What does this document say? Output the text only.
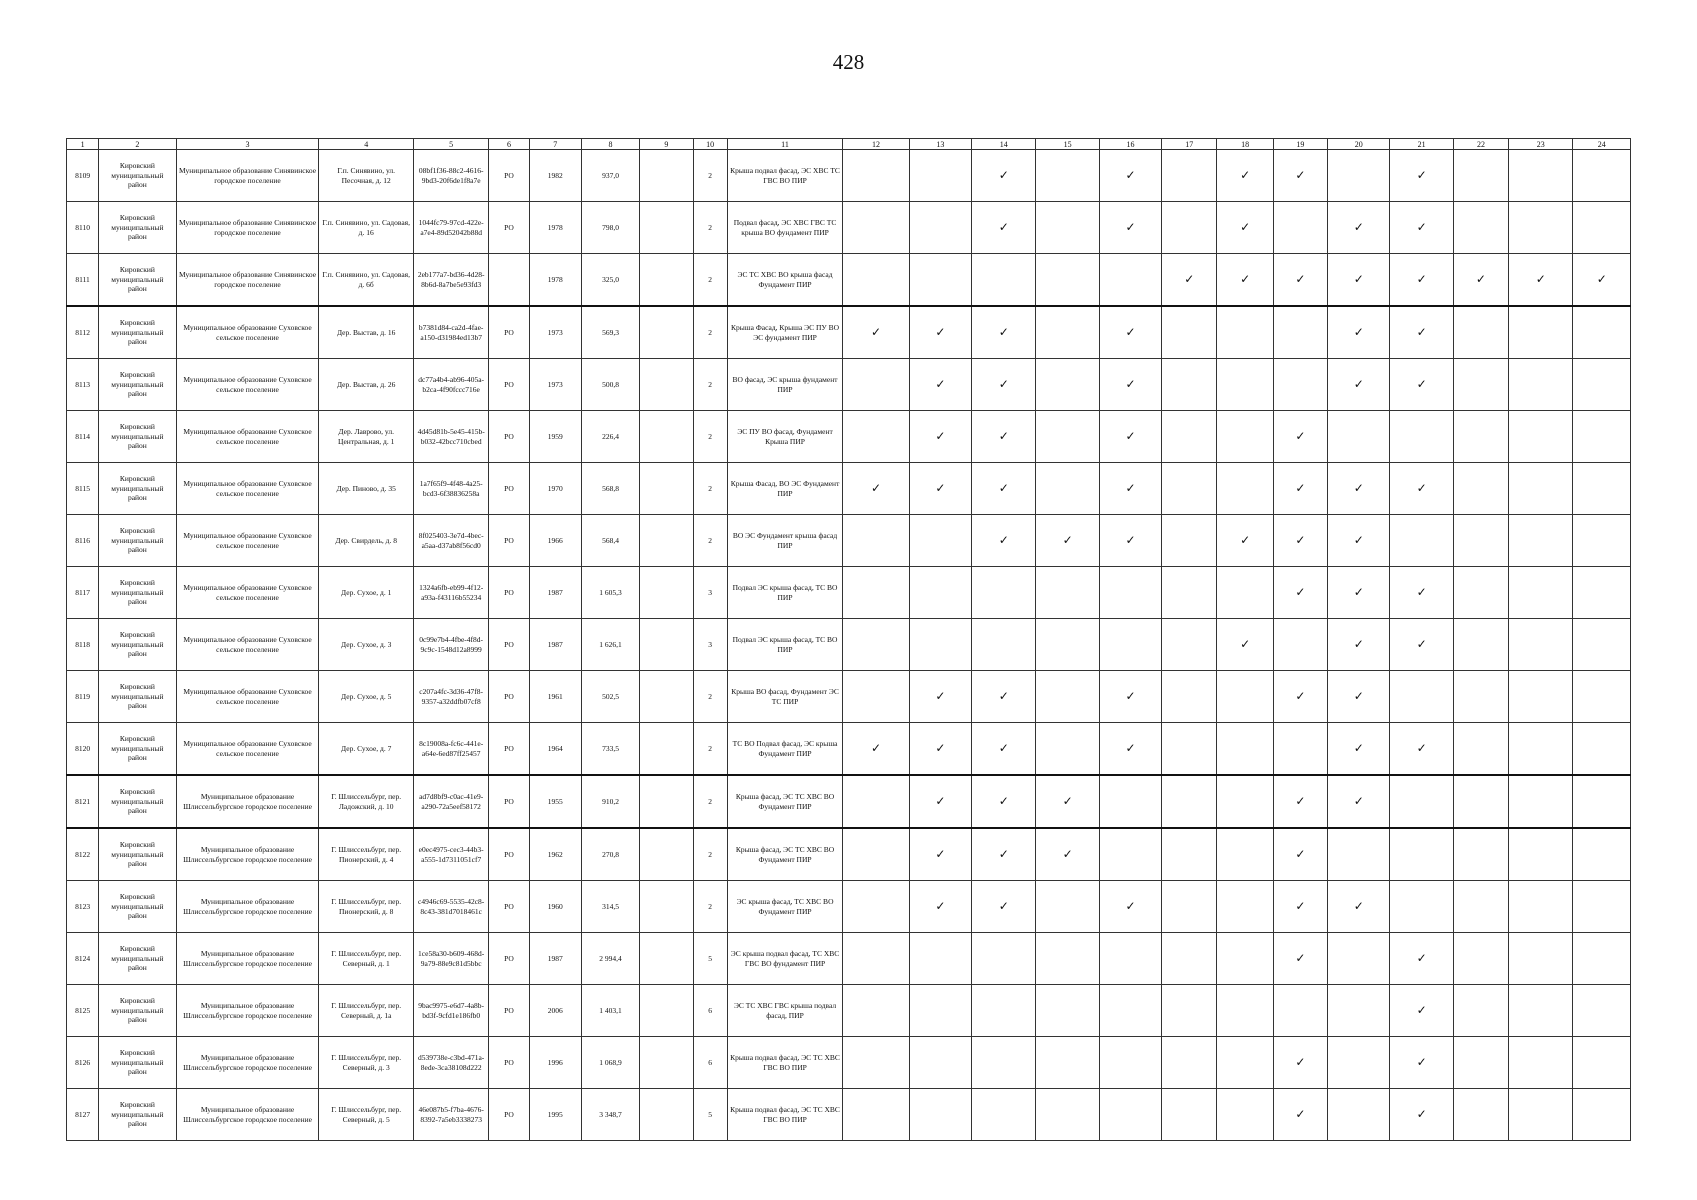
428
1	2	3	4	5	6	7	8	9	10	11	12	13	14	15	16	17	18	19	20	21	22	23	24
8109	Кировский муниципальный район	Муниципальное образование Синявинское городское поселение	Г.п. Синявино, ул. Песочная, д. 12	08bf1f36-88c2-4616-9bd3-20f6de1f8a7e	РО	1982	937,0		2	Крыша подвал фасад, ЭС ХВС ТС ГВС ВО ПИР			✓		✓		✓	✓		✓			
8110	Кировский муниципальный район	Муниципальное образование Синявинское городское поселение	Г.п. Синявино, ул. Садовая, д. 16	1044fc79-97cd-422e-a7e4-89d52042b88d	РО	1978	798,0		2	Подвал фасад, ЭС ХВС ГВС ТС крыша ВО фундамент ПИР			✓		✓		✓		✓	✓			
8111	Кировский муниципальный район	Муниципальное образование Синявинское городское поселение	Г.п. Синявино, ул. Садовая, д. 6б	2eb177a7-bd36-4d28-8b6d-8a7be5e93fd3		1978	325,0		2	ЭС ТС ХВС ВО крыша фасад Фундамент ПИР						✓	✓	✓	✓	✓	✓	✓	✓
8112	Кировский муниципальный район	Муниципальное образование Суховское сельское поселение	Дер. Выстав, д. 16	b7381d84-ca2d-4fae-a150-d31984ed13b7	РО	1973	569,3		2	Крыша Фасад, Крыша ЭС ПУ ВО ЭС фундамент ПИР	✓	✓	✓		✓				✓	✓			
8113	Кировский муниципальный район	Муниципальное образование Суховское сельское поселение	Дер. Выстав, д. 26	dc77a4b4-ab96-405a-b2ca-4f90fccc716e	РО	1973	500,8		2	ВО фасад, ЭС крыша фундамент ПИР		✓	✓		✓				✓	✓			
8114	Кировский муниципальный район	Муниципальное образование Суховское сельское поселение	Дер. Лаврово, ул. Центральная, д. 1	4d45d81b-5e45-415b-b032-42bcc710cbed	РО	1959	226,4		2	ЭС ПУ ВО фасад, Фундамент Крыша ПИР		✓	✓		✓			✓					
8115	Кировский муниципальный район	Муниципальное образование Суховское сельское поселение	Дер. Пиново, д. 35	1a7f65f9-4f48-4a25-bcd3-6f38836258a	РО	1970	568,8		2	Крыша Фасад, ВО ЭС Фундамент ПИР	✓	✓	✓		✓			✓	✓	✓			
8116	Кировский муниципальный район	Муниципальное образование Суховское сельское поселение	Дер. Свирдель, д. 8	8f025403-3e7d-4bec-a5aa-d37ab8f56cd0	РО	1966	568,4		2	ВО ЭС Фундамент крыша фасад ПИР			✓	✓	✓		✓	✓	✓				
8117	Кировский муниципальный район	Муниципальное образование Суховское сельское поселение	Дер. Сухое, д. 1	1324a6fb-eb99-4f12-a93a-f43116b55234	РО	1987	1 605,3		3	Подвал ЭС крыша фасад, ТС ВО ПИР								✓	✓	✓			
8118	Кировский муниципальный район	Муниципальное образование Суховское сельское поселение	Дер. Сухое, д. 3	0c99e7b4-4fbe-4f8d-9c9c-1548d12a8999	РО	1987	1 626,1		3	Подвал ЭС крыша фасад, ТС ВО ПИР							✓		✓	✓			
8119	Кировский муниципальный район	Муниципальное образование Суховское сельское поселение	Дер. Сухое, д. 5	c207a4fc-3d36-47f8-9357-a32ddfb07cf8	РО	1961	502,5		2	Крыша ВО фасад, Фундамент ЭС ТС ПИР		✓	✓		✓			✓	✓				
8120	Кировский муниципальный район	Муниципальное образование Суховское сельское поселение	Дер. Сухое, д. 7	8c19008a-fc6c-441e-a64e-6ed87ff25457	РО	1964	733,5		2	ТС ВО Подвал фасад, ЭС крыша Фундамент ПИР	✓	✓	✓		✓				✓	✓			
8121	Кировский муниципальный район	Муниципальное образование Шлиссельбургское городское поселение	Г. Шлиссельбург, пер. Ладожский, д. 10	ad7d8bf9-c0ac-41e9-a290-72a5eef58172	РО	1955	910,2		2	Крыша фасад, ЭС ТС ХВС ВО Фундамент ПИР		✓	✓	✓				✓	✓				
8122	Кировский муниципальный район	Муниципальное образование Шлиссельбургское городское поселение	Г. Шлиссельбург, пер. Пионерский, д. 4	e0ec4975-cec3-44b3-a555-1d7311051cf7	РО	1962	270,8		2	Крыша фасад, ЭС ТС ХВС ВО Фундамент ПИР		✓	✓	✓				✓					
8123	Кировский муниципальный район	Муниципальное образование Шлиссельбургское городское поселение	Г. Шлиссельбург, пер. Пионерский, д. 8	c4946c69-5535-42c8-8c43-381d7018461c	РО	1960	314,5		2	ЭС крыша фасад, ТС ХВС ВО Фундамент ПИР		✓	✓		✓			✓	✓				
8124	Кировский муниципальный район	Муниципальное образование Шлиссельбургское городское поселение	Г. Шлиссельбург, пер. Северный, д. 1	1ce58a30-b609-468d-9a79-88e9c81d5bbc	РО	1987	2 994,4		5	ЭС крыша подвал фасад, ТС ХВС ГВС ВО фундамент ПИР								✓		✓			
8125	Кировский муниципальный район	Муниципальное образование Шлиссельбургское городское поселение	Г. Шлиссельбург, пер. Северный, д. 1а	9bac9975-e6d7-4a8b-bd3f-9cfd1e186fb0	РО	2006	1 403,1		6	ЭС ТС ХВС ГВС крыша подвал фасад, ПИР										✓			
8126	Кировский муниципальный район	Муниципальное образование Шлиссельбургское городское поселение	Г. Шлиссельбург, пер. Северный, д. 3	d539738e-c3bd-471a-8ede-3ca38108d222	РО	1996	1 068,9		6	Крыша подвал фасад, ЭС ТС ХВС ГВС ВО ПИР								✓		✓			
8127	Кировский муниципальный район	Муниципальное образование Шлиссельбургское городское поселение	Г. Шлиссельбург, пер. Северный, д. 5	46e087b5-f7ba-4676-8392-7a5eb3338273	РО	1995	3 348,7		5	Крыша подвал фасад, ЭС ТС ХВС ГВС ВО ПИР								✓		✓			
